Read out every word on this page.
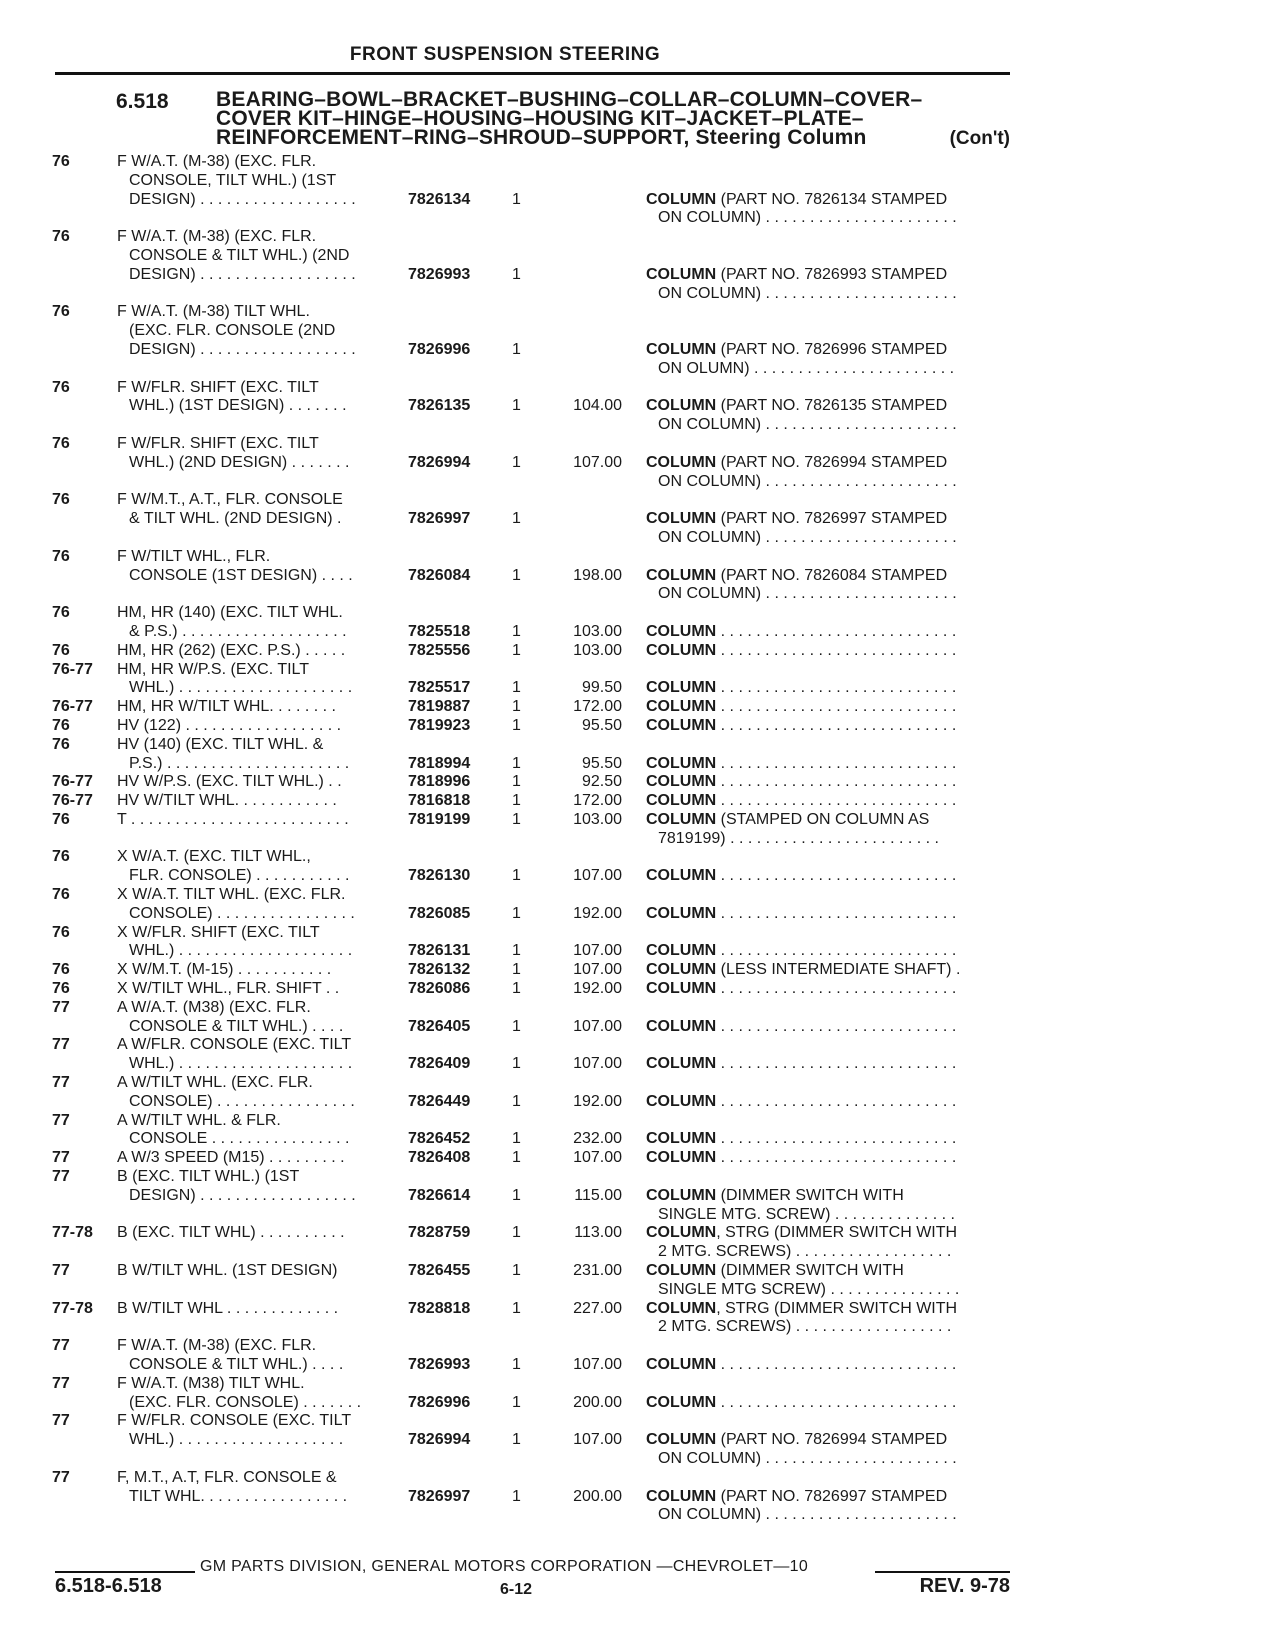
FRONT SUSPENSION STEERING
6.518 BEARING–BOWL–BRACKET–BUSHING–COLLAR–COLUMN–COVER–
COVER KIT–HINGE–HOUSING–HOUSING KIT–JACKET–PLATE–
REINFORCEMENT–RING–SHROUD–SUPPORT, Steering Column	(Con't)
76	F W/A.T. (M-38) (EXC. FLR.
CONSOLE, TILT WHL.) (1ST
DESIGN) . . . . . . . . . . . . . . . . . .	7826134	1	COLUMN (PART NO. 7826134 STAMPED
ON COLUMN) . . . . . . . . . . . . . . . . . . . . . .
76	F W/A.T. (M-38) (EXC. FLR.
CONSOLE & TILT WHL.) (2ND
DESIGN) . . . . . . . . . . . . . . . . . .	7826993	1	COLUMN (PART NO. 7826993 STAMPED
ON COLUMN) . . . . . . . . . . . . . . . . . . . . . .
76	F W/A.T. (M-38) TILT WHL.
(EXC. FLR. CONSOLE (2ND
DESIGN) . . . . . . . . . . . . . . . . . .	7826996	1	COLUMN (PART NO. 7826996 STAMPED
ON OLUMN) . . . . . . . . . . . . . . . . . . . . . . .
76	F W/FLR. SHIFT (EXC. TILT
WHL.) (1ST DESIGN) . . . . . . .	7826135	1	104.00 COLUMN (PART NO. 7826135 STAMPED
ON COLUMN) . . . . . . . . . . . . . . . . . . . . . .
76	F W/FLR. SHIFT (EXC. TILT
WHL.) (2ND DESIGN) . . . . . . .	7826994	1	107.00 COLUMN (PART NO. 7826994 STAMPED
ON COLUMN) . . . . . . . . . . . . . . . . . . . . . .
76	F W/M.T., A.T., FLR. CONSOLE
& TILT WHL. (2ND DESIGN) .	7826997	1	COLUMN (PART NO. 7826997 STAMPED
ON COLUMN) . . . . . . . . . . . . . . . . . . . . . .
76	F W/TILT WHL., FLR.
CONSOLE (1ST DESIGN) . . . .	7826084	1	198.00 COLUMN (PART NO. 7826084 STAMPED
ON COLUMN) . . . . . . . . . . . . . . . . . . . . . .
76	HM, HR (140) (EXC. TILT WHL.
& P.S.) . . . . . . . . . . . . . . . . . . .	7825518	1	103.00 COLUMN . . . . . . . . . . . . . . . . . . . . . . . . . . .
76	HM, HR (262) (EXC. P.S.) . . . . .	7825556	1	103.00 COLUMN . . . . . . . . . . . . . . . . . . . . . . . . . . .
76-77 HM, HR W/P.S. (EXC. TILT
WHL.) . . . . . . . . . . . . . . . . . . . .	7825517	1	99.50 COLUMN . . . . . . . . . . . . . . . . . . . . . . . . . . .
76-77 HM, HR W/TILT WHL. . . . . . . .	7819887	1	172.00 COLUMN . . . . . . . . . . . . . . . . . . . . . . . . . . .
76	HV (122) . . . . . . . . . . . . . . . . . .	7819923	1	95.50 COLUMN . . . . . . . . . . . . . . . . . . . . . . . . . . .
76	HV (140) (EXC. TILT WHL. &
P.S.) . . . . . . . . . . . . . . . . . . . . .	7818994	1	95.50 COLUMN . . . . . . . . . . . . . . . . . . . . . . . . . . .
76-77 HV W/P.S. (EXC. TILT WHL.) . .	7818996	1	92.50 COLUMN . . . . . . . . . . . . . . . . . . . . . . . . . . .
76-77 HV W/TILT WHL. . . . . . . . . . . .	7816818	1	172.00 COLUMN . . . . . . . . . . . . . . . . . . . . . . . . . . .
76	T . . . . . . . . . . . . . . . . . . . . . . . . .	7819199	1	103.00 COLUMN (STAMPED ON COLUMN AS
7819199) . . . . . . . . . . . . . . . . . . . . . . . .
76	X W/A.T. (EXC. TILT WHL.,
FLR. CONSOLE) . . . . . . . . . . .	7826130	1	107.00 COLUMN . . . . . . . . . . . . . . . . . . . . . . . . . . .
76	X W/A.T. TILT WHL. (EXC. FLR.
CONSOLE) . . . . . . . . . . . . . . . .	7826085	1	192.00 COLUMN . . . . . . . . . . . . . . . . . . . . . . . . . . .
76	X W/FLR. SHIFT (EXC. TILT
WHL.) . . . . . . . . . . . . . . . . . . . .	7826131	1	107.00 COLUMN . . . . . . . . . . . . . . . . . . . . . . . . . . .
76	X W/M.T. (M-15) . . . . . . . . . . .	7826132	1	107.00 COLUMN (LESS INTERMEDIATE SHAFT) .
76	X W/TILT WHL., FLR. SHIFT . .	7826086	1	192.00 COLUMN . . . . . . . . . . . . . . . . . . . . . . . . . . .
77	A W/A.T. (M38) (EXC. FLR.
CONSOLE & TILT WHL.) . . . .	7826405	1	107.00 COLUMN . . . . . . . . . . . . . . . . . . . . . . . . . . .
77	A W/FLR. CONSOLE (EXC. TILT
WHL.) . . . . . . . . . . . . . . . . . . . .	7826409	1	107.00 COLUMN . . . . . . . . . . . . . . . . . . . . . . . . . . .
77	A W/TILT WHL. (EXC. FLR.
CONSOLE) . . . . . . . . . . . . . . . .	7826449	1	192.00 COLUMN . . . . . . . . . . . . . . . . . . . . . . . . . . .
77	A W/TILT WHL. & FLR.
CONSOLE . . . . . . . . . . . . . . . .	7826452	1	232.00 COLUMN . . . . . . . . . . . . . . . . . . . . . . . . . . .
77	A W/3 SPEED (M15) . . . . . . . . .	7826408	1	107.00 COLUMN . . . . . . . . . . . . . . . . . . . . . . . . . . .
77	B (EXC. TILT WHL.) (1ST
DESIGN) . . . . . . . . . . . . . . . . . .	7826614	1	115.00 COLUMN (DIMMER SWITCH WITH
SINGLE MTG. SCREW) . . . . . . . . . . . . . .
77-78 B (EXC. TILT WHL) . . . . . . . . . .	7828759	1	113.00 COLUMN, STRG (DIMMER SWITCH WITH
2 MTG. SCREWS) . . . . . . . . . . . . . . . . . .
77	B W/TILT WHL. (1ST DESIGN)	7826455	1	231.00 COLUMN (DIMMER SWITCH WITH
SINGLE MTG SCREW) . . . . . . . . . . . . . . .
77-78 B W/TILT WHL . . . . . . . . . . . . .	7828818	1	227.00 COLUMN, STRG (DIMMER SWITCH WITH
2 MTG. SCREWS) . . . . . . . . . . . . . . . . . .
77	F W/A.T. (M-38) (EXC. FLR.
CONSOLE & TILT WHL.) . . . .	7826993	1	107.00 COLUMN . . . . . . . . . . . . . . . . . . . . . . . . . . .
77	F W/A.T. (M38) TILT WHL.
(EXC. FLR. CONSOLE) . . . . . . .	7826996	1	200.00 COLUMN . . . . . . . . . . . . . . . . . . . . . . . . . . .
77	F W/FLR. CONSOLE (EXC. TILT
WHL.) . . . . . . . . . . . . . . . . . . .	7826994	1	107.00 COLUMN (PART NO. 7826994 STAMPED
ON COLUMN) . . . . . . . . . . . . . . . . . . . . . .
77	F, M.T., A.T, FLR. CONSOLE &
TILT WHL. . . . . . . . . . . . . . . . .	7826997	1	200.00 COLUMN (PART NO. 7826997 STAMPED
ON COLUMN) . . . . . . . . . . . . . . . . . . . . . .
GM PARTS DIVISION, GENERAL MOTORS CORPORATION —CHEVROLET—10
6.518-6.518	6-12	REV. 9-78
